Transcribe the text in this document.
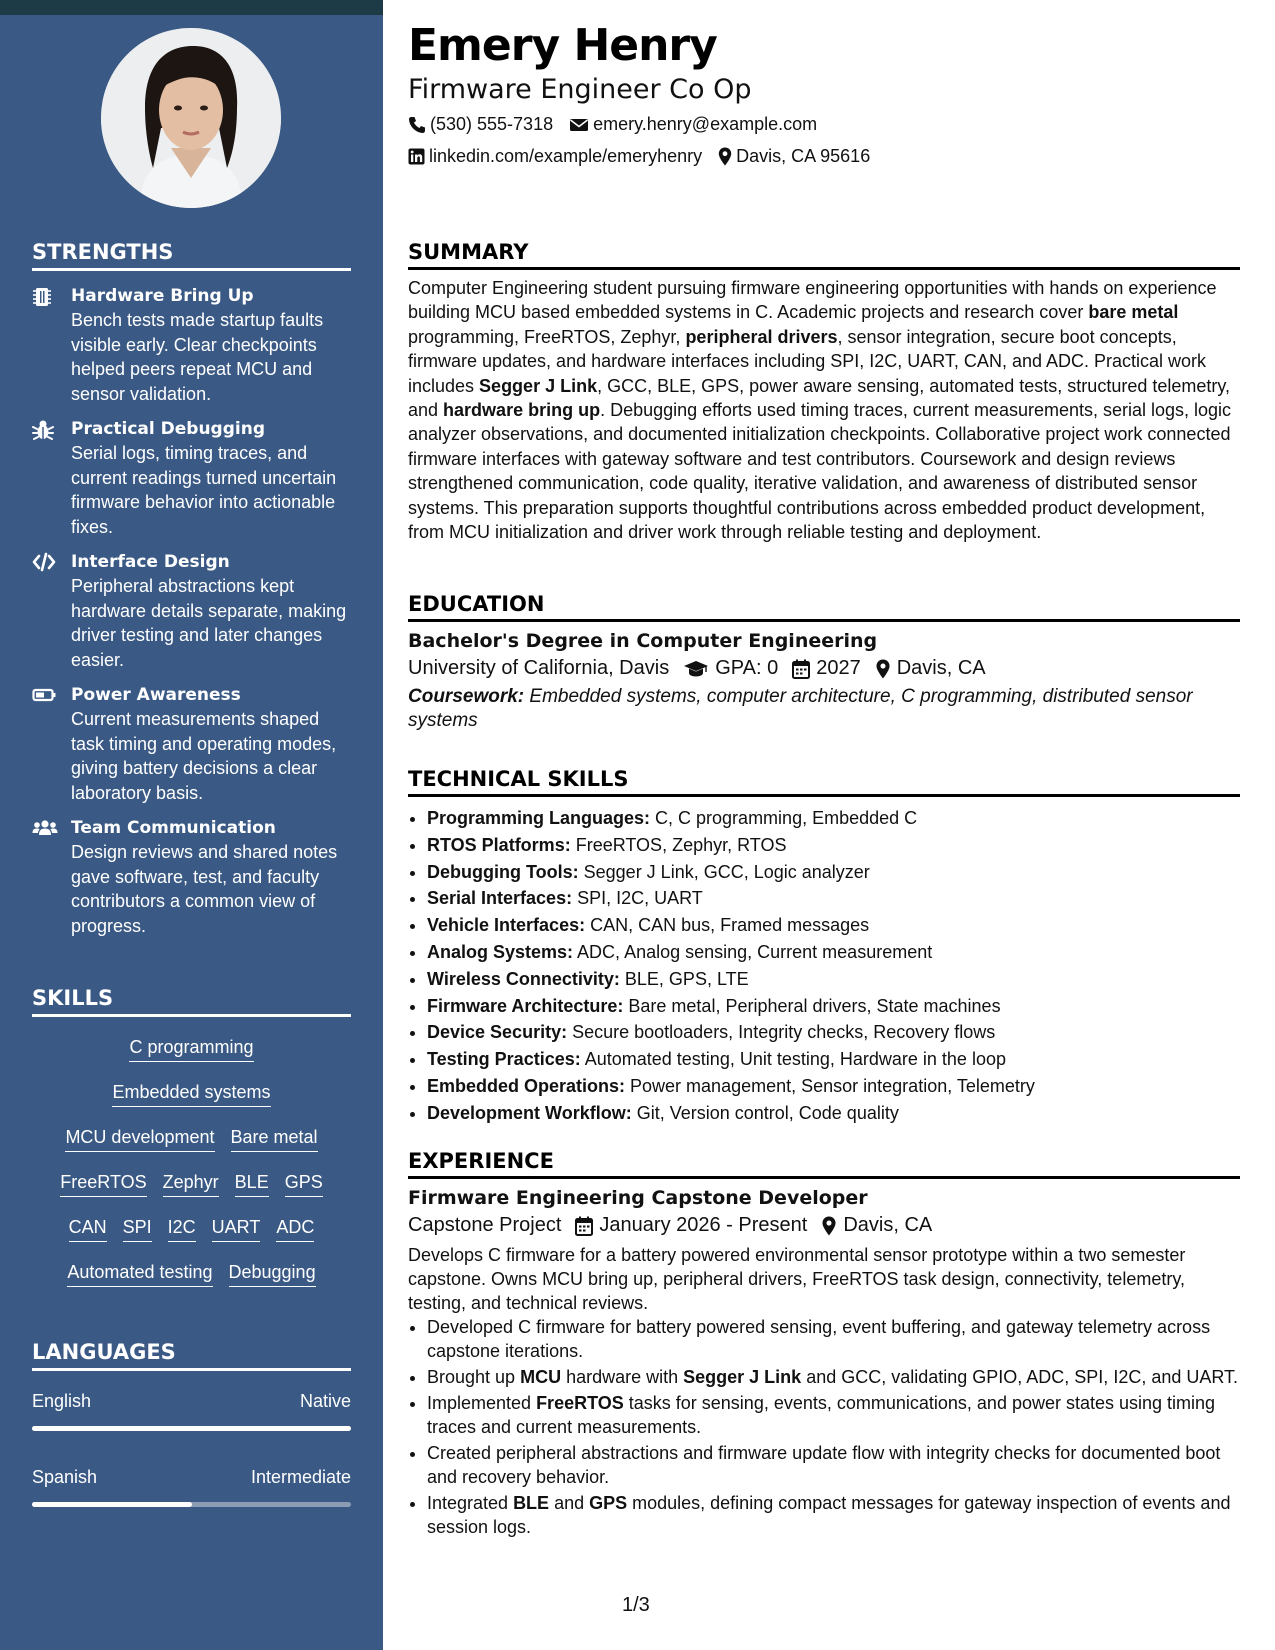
STRENGTHS
Hardware Bring Up
Bench tests made startup faults visible early. Clear checkpoints helped peers repeat MCU and sensor validation.
Practical Debugging
Serial logs, timing traces, and current readings turned uncertain firmware behavior into actionable fixes.
Interface Design
Peripheral abstractions kept hardware details separate, making driver testing and later changes easier.
Power Awareness
Current measurements shaped task timing and operating modes, giving battery decisions a clear laboratory basis.
Team Communication
Design reviews and shared notes gave software, test, and faculty contributors a common view of progress.
SKILLS
C programming
Embedded systems
MCU development Bare metal
FreeRTOS Zephyr BLE GPS
CAN SPI I2C UART ADC
Automated testing Debugging
LANGUAGES
English	Native
Spanish	Intermediate
Emery Henry
Firmware Engineer Co Op
(530) 555-7318 emery.henry@example.com
linkedin.com/example/emeryhenry Davis, CA 95616
SUMMARY
Computer Engineering student pursuing firmware engineering opportunities with hands on experience building MCU based embedded systems in C. Academic projects and research cover bare metal programming, FreeRTOS, Zephyr, peripheral drivers, sensor integration, secure boot concepts, firmware updates, and hardware interfaces including SPI, I2C, UART, CAN, and ADC. Practical work includes Segger J Link, GCC, BLE, GPS, power aware sensing, automated tests, structured telemetry, and hardware bring up. Debugging efforts used timing traces, current measurements, serial logs, logic analyzer observations, and documented initialization checkpoints. Collaborative project work connected firmware interfaces with gateway software and test contributors. Coursework and design reviews strengthened communication, code quality, iterative validation, and awareness of distributed sensor systems. This preparation supports thoughtful contributions across embedded product development, from MCU initialization and driver work through reliable testing and deployment.
EDUCATION
Bachelor's Degree in Computer Engineering
University of California, Davis GPA: 0 2027 Davis, CA
Coursework: Embedded systems, computer architecture, C programming, distributed sensor systems
TECHNICAL SKILLS
• Programming Languages: C, C programming, Embedded C
• RTOS Platforms: FreeRTOS, Zephyr, RTOS
• Debugging Tools: Segger J Link, GCC, Logic analyzer
• Serial Interfaces: SPI, I2C, UART
• Vehicle Interfaces: CAN, CAN bus, Framed messages
• Analog Systems: ADC, Analog sensing, Current measurement
• Wireless Connectivity: BLE, GPS, LTE
• Firmware Architecture: Bare metal, Peripheral drivers, State machines
• Device Security: Secure bootloaders, Integrity checks, Recovery flows
• Testing Practices: Automated testing, Unit testing, Hardware in the loop
• Embedded Operations: Power management, Sensor integration, Telemetry
• Development Workflow: Git, Version control, Code quality
EXPERIENCE
Firmware Engineering Capstone Developer
Capstone Project January 2026 - Present Davis, CA
Develops C firmware for a battery powered environmental sensor prototype within a two semester capstone. Owns MCU bring up, peripheral drivers, FreeRTOS task design, connectivity, telemetry, testing, and technical reviews.
• Developed C firmware for battery powered sensing, event buffering, and gateway telemetry across capstone iterations.
• Brought up MCU hardware with Segger J Link and GCC, validating GPIO, ADC, SPI, I2C, and UART.
• Implemented FreeRTOS tasks for sensing, events, communications, and power states using timing traces and current measurements.
• Created peripheral abstractions and firmware update flow with integrity checks for documented boot and recovery behavior.
• Integrated BLE and GPS modules, defining compact messages for gateway inspection of events and session logs.
1/3
